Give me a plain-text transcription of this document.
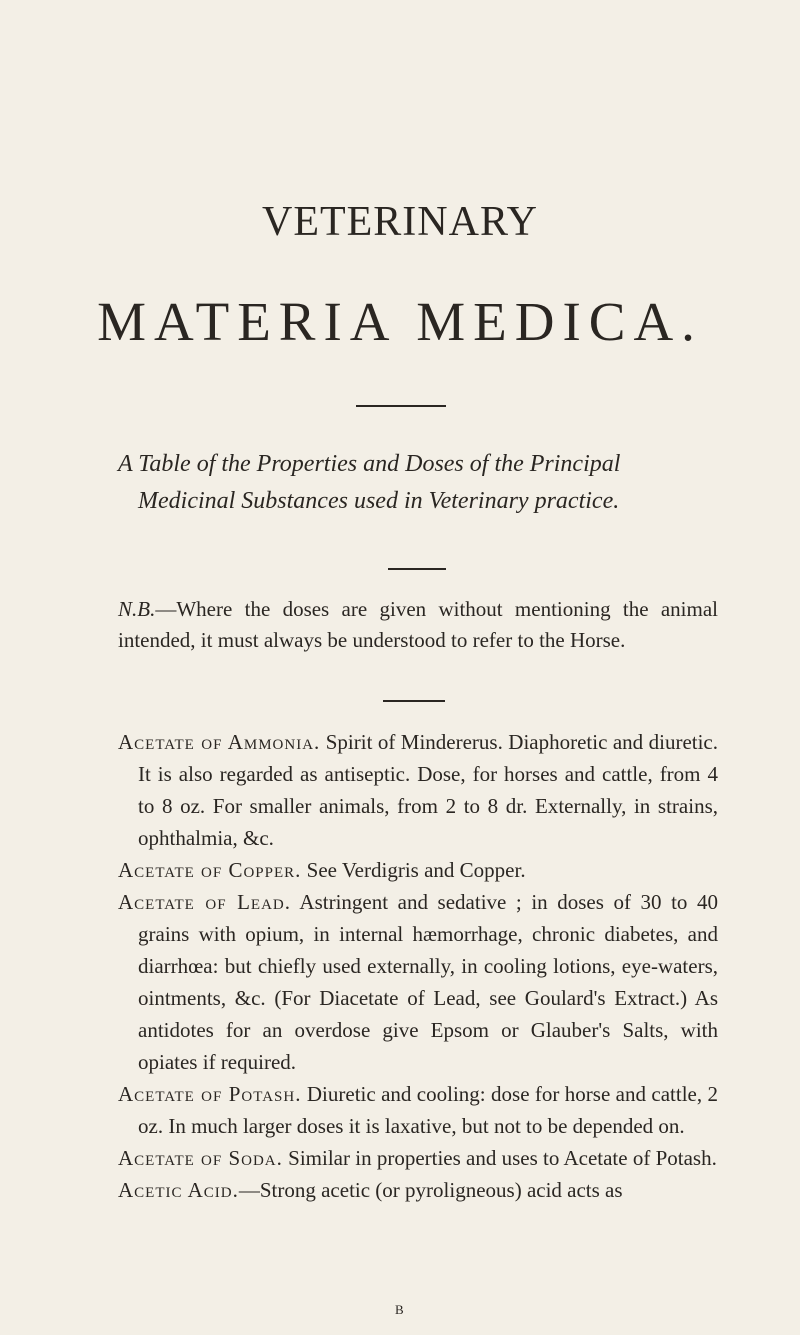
VETERINARY
MATERIA MEDICA.
A Table of the Properties and Doses of the Principal
Medicinal Substances used in Veterinary practice.
N.B.—Where the doses are given without mentioning the animal intended, it must always be understood to refer to the Horse.

Acetate of Ammonia. Spirit of Mindererus. Diaphoretic and diuretic. It is also regarded as antiseptic. Dose, for horses and cattle, from 4 to 8 oz. For smaller animals, from 2 to 8 dr. Externally, in strains, ophthalmia, &c.

Acetate of Copper. See Verdigris and Copper.

Acetate of Lead. Astringent and sedative ; in doses of 30 to 40 grains with opium, in internal hæmorrhage, chronic diabetes, and diarrhœa: but chiefly used externally, in cooling lotions, eye-waters, ointments, &c. (For Diacetate of Lead, see Goulard's Extract.) As antidotes for an overdose give Epsom or Glauber's Salts, with opiates if required.

Acetate of Potash. Diuretic and cooling: dose for horse and cattle, 2 oz. In much larger doses it is laxative, but not to be depended on.

Acetate of Soda. Similar in properties and uses to Acetate of Potash.

Acetic Acid.—Strong acetic (or pyroligneous) acid acts as

B
